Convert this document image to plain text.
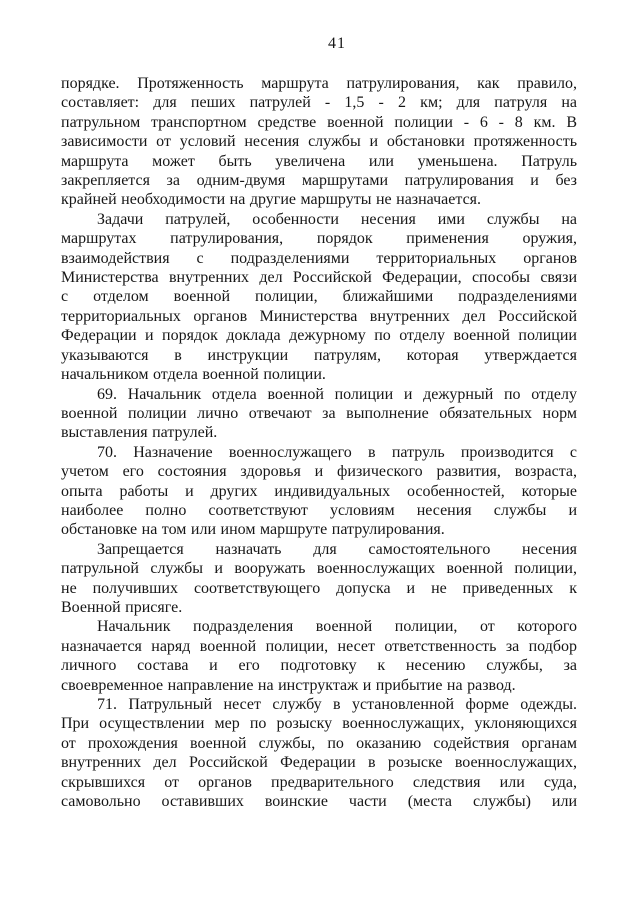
41
порядке. Протяженность маршрута патрулирования, как правило,
составляет: для пеших патрулей - 1,5 - 2 км; для патруля на
патрульном транспортном средстве военной полиции - 6 - 8 км. В
зависимости от условий несения службы и обстановки протяженность
маршрута может быть увеличена или уменьшена. Патруль
закрепляется за одним-двумя маршрутами патрулирования и без
крайней необходимости на другие маршруты не назначается.
Задачи патрулей, особенности несения ими службы на
маршрутах патрулирования, порядок применения оружия,
взаимодействия с подразделениями территориальных органов
Министерства внутренних дел Российской Федерации, способы связи
с отделом военной полиции, ближайшими подразделениями
территориальных органов Министерства внутренних дел Российской
Федерации и порядок доклада дежурному по отделу военной полиции
указываются в инструкции патрулям, которая утверждается
начальником отдела военной полиции.
69. Начальник отдела военной полиции и дежурный по отделу
военной полиции лично отвечают за выполнение обязательных норм
выставления патрулей.
70. Назначение военнослужащего в патруль производится с
учетом его состояния здоровья и физического развития, возраста,
опыта работы и других индивидуальных особенностей, которые
наиболее полно соответствуют условиям несения службы и
обстановке на том или ином маршруте патрулирования.
Запрещается назначать для самостоятельного несения
патрульной службы и вооружать военнослужащих военной полиции,
не получивших соответствующего допуска и не приведенных к
Военной присяге.
Начальник подразделения военной полиции, от которого
назначается наряд военной полиции, несет ответственность за подбор
личного состава и его подготовку к несению службы, за
своевременное направление на инструктаж и прибытие на развод.
71. Патрульный несет службу в установленной форме одежды.
При осуществлении мер по розыску военнослужащих, уклоняющихся
от прохождения военной службы, по оказанию содействия органам
внутренних дел Российской Федерации в розыске военнослужащих,
скрывшихся от органов предварительного следствия или суда,
самовольно оставивших воинские части (места службы) или
